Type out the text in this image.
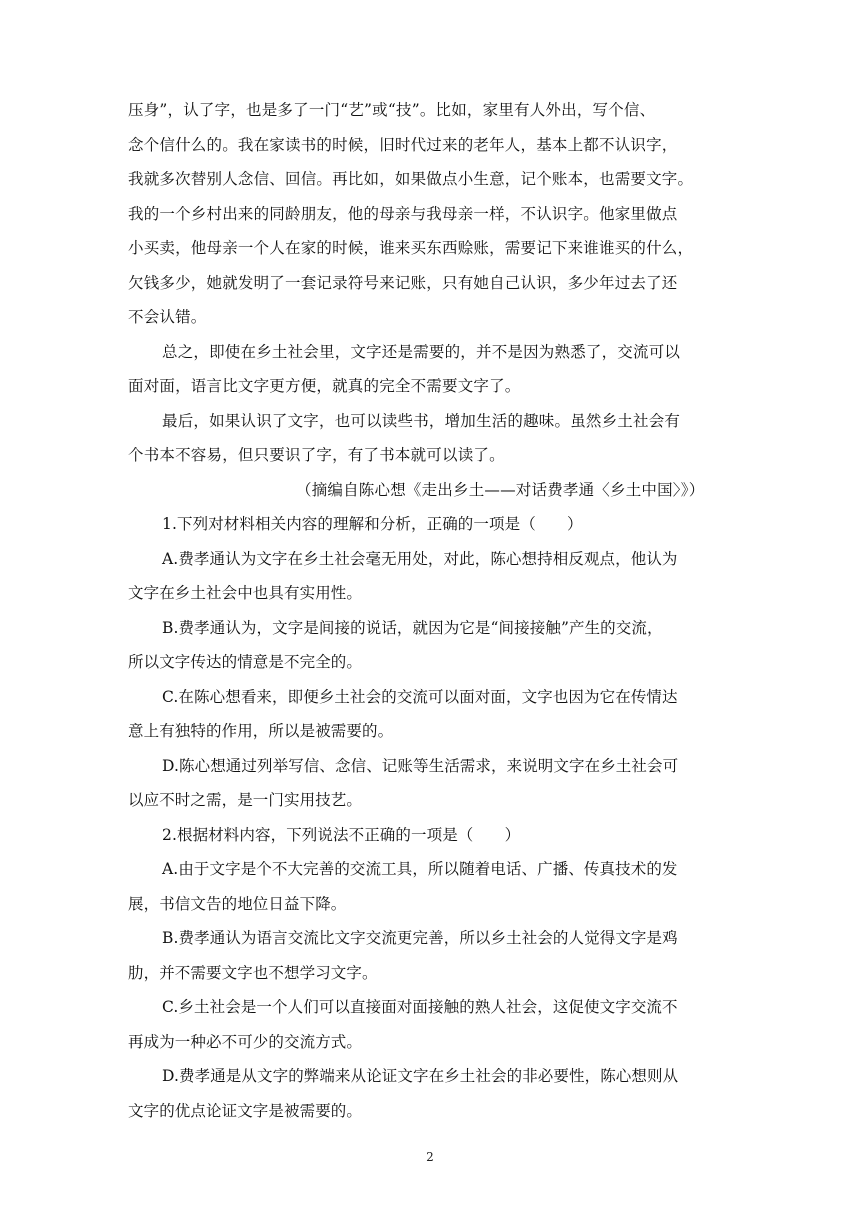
压身”，认了字，也是多了一门“艺”或“技”。比如，家里有人外出，写个信、
念个信什么的。我在家读书的时候，旧时代过来的老年人，基本上都不认识字，
我就多次替别人念信、回信。再比如，如果做点小生意，记个账本，也需要文字。
我的一个乡村出来的同龄朋友，他的母亲与我母亲一样，不认识字。他家里做点
小买卖，他母亲一个人在家的时候，谁来买东西赊账，需要记下来谁谁买的什么，
欠钱多少，她就发明了一套记录符号来记账，只有她自己认识，多少年过去了还
不会认错。
总之，即使在乡土社会里，文字还是需要的，并不是因为熟悉了，交流可以
面对面，语言比文字更方便，就真的完全不需要文字了。
最后，如果认识了文字，也可以读些书，增加生活的趣味。虽然乡土社会有
个书本不容易，但只要识了字，有了书本就可以读了。
（摘编自陈心想《走出乡土——对话费孝通〈乡土中国〉》）
1.下列对材料相关内容的理解和分析，正确的一项是（　　）
A.费孝通认为文字在乡土社会毫无用处，对此，陈心想持相反观点，他认为
文字在乡土社会中也具有实用性。
B.费孝通认为，文字是间接的说话，就因为它是“间接接触”产生的交流，
所以文字传达的情意是不完全的。
C.在陈心想看来，即便乡土社会的交流可以面对面，文字也因为它在传情达
意上有独特的作用，所以是被需要的。
D.陈心想通过列举写信、念信、记账等生活需求，来说明文字在乡土社会可
以应不时之需，是一门实用技艺。
2.根据材料内容，下列说法不正确的一项是（　　）
A.由于文字是个不大完善的交流工具，所以随着电话、广播、传真技术的发
展，书信文告的地位日益下降。
B.费孝通认为语言交流比文字交流更完善，所以乡土社会的人觉得文字是鸡
肋，并不需要文字也不想学习文字。
C.乡土社会是一个人们可以直接面对面接触的熟人社会，这促使文字交流不
再成为一种必不可少的交流方式。
D.费孝通是从文字的弊端来从论证文字在乡土社会的非必要性，陈心想则从
文字的优点论证文字是被需要的。
2
